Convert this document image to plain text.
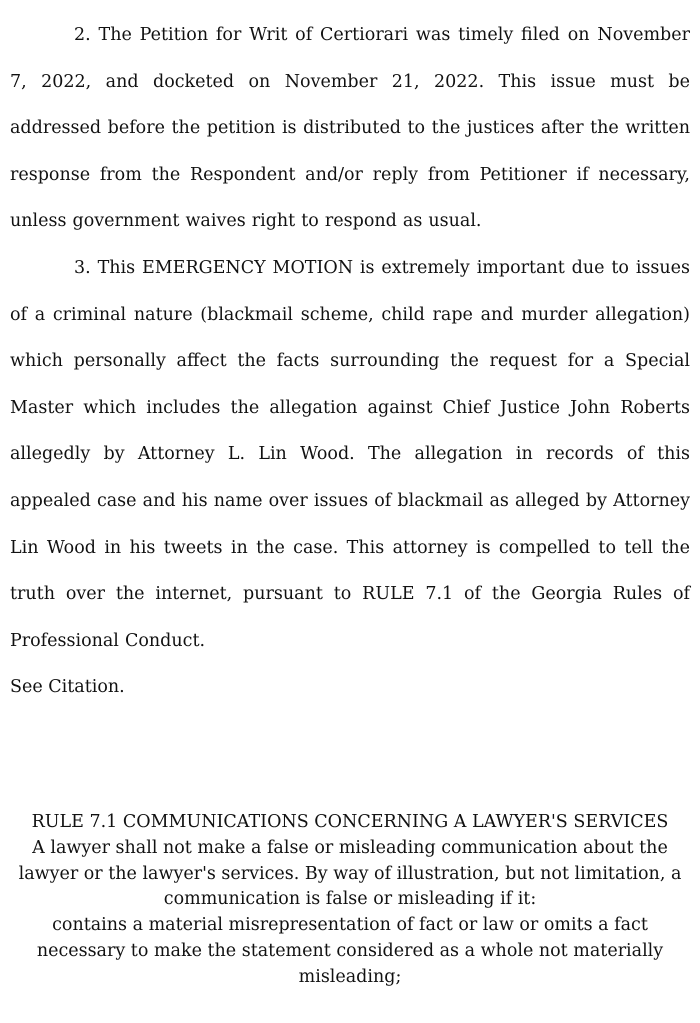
2. The Petition for Writ of Certiorari was timely filed on November 7, 2022, and docketed on November 21, 2022. This issue must be addressed before the petition is distributed to the justices after the written response from the Respondent and/or reply from Petitioner if necessary, unless government waives right to respond as usual.

3. This EMERGENCY MOTION is extremely important due to issues of a criminal nature (blackmail scheme, child rape and murder allegation) which personally affect the facts surrounding the request for a Special Master which includes the allegation against Chief Justice John Roberts allegedly by Attorney L. Lin Wood. The allegation in records of this appealed case and his name over issues of blackmail as alleged by Attorney Lin Wood in his tweets in the case. This attorney is compelled to tell the truth over the internet, pursuant to RULE 7.1 of the Georgia Rules of Professional Conduct.

See Citation.

RULE 7.1 COMMUNICATIONS CONCERNING A LAWYER'S SERVICES

A lawyer shall not make a false or misleading communication about the lawyer or the lawyer's services. By way of illustration, but not limitation, a communication is false or misleading if it:

contains a material misrepresentation of fact or law or omits a fact necessary to make the statement considered as a whole not materially misleading;
